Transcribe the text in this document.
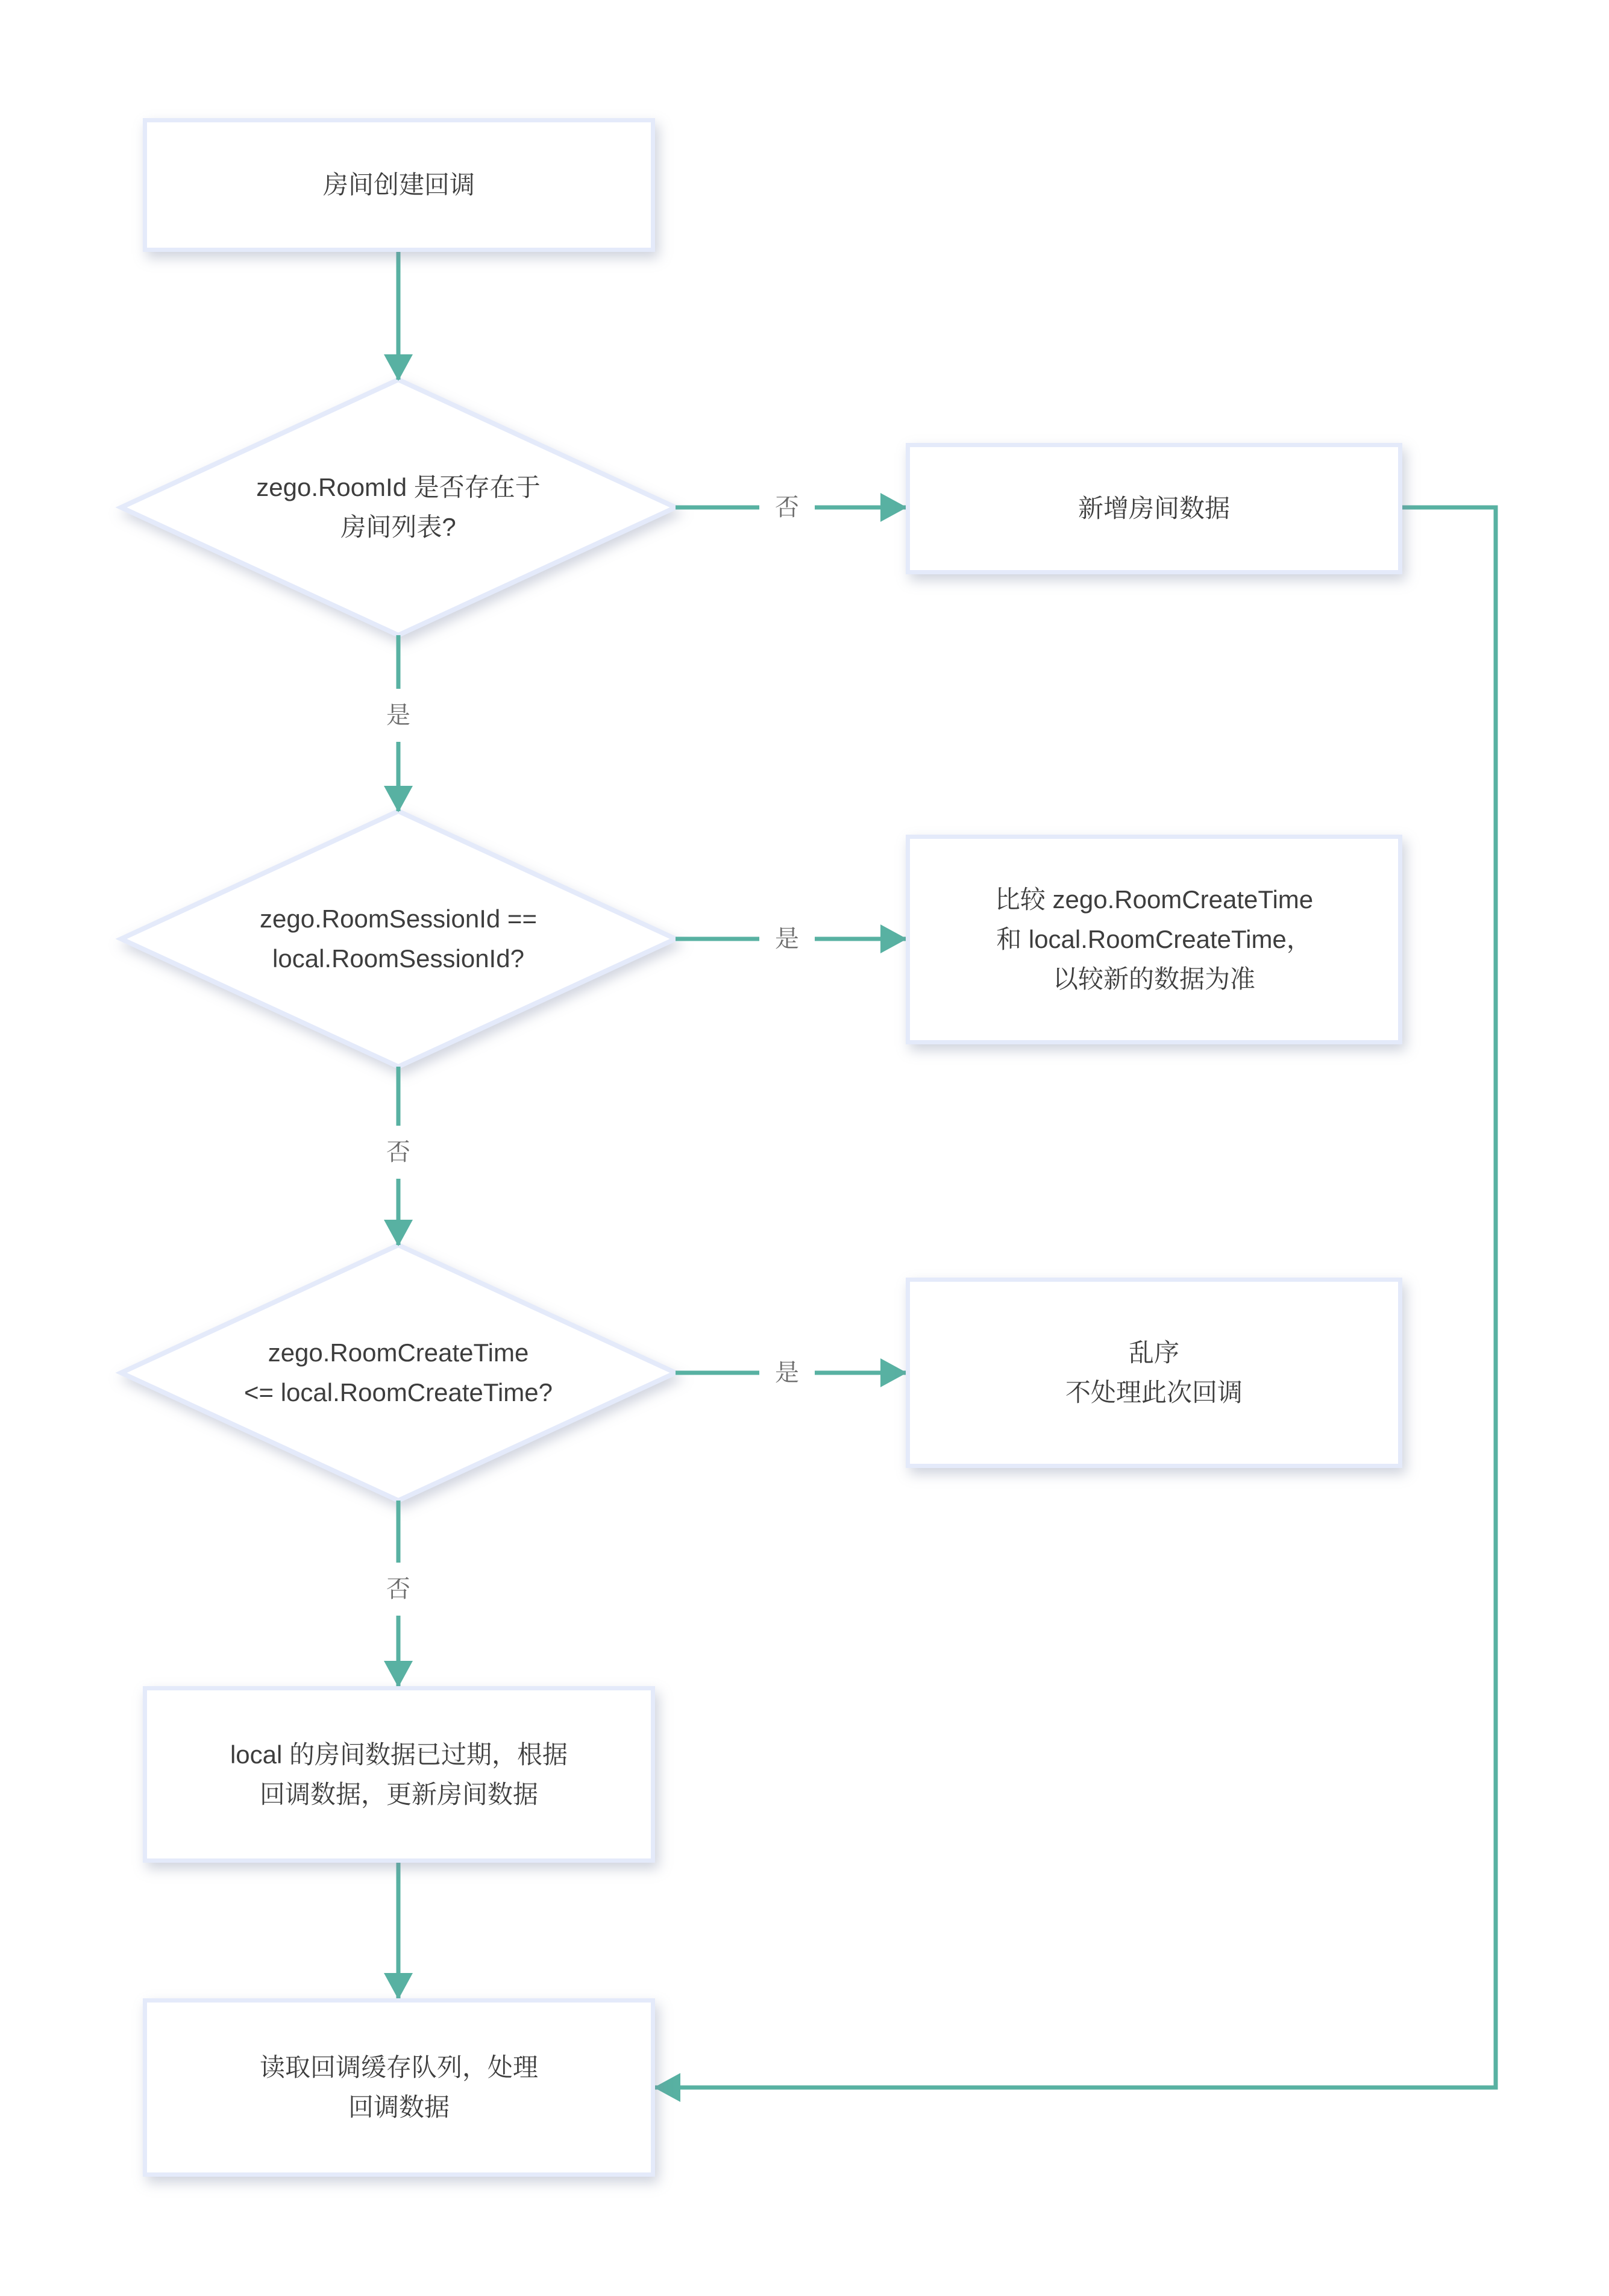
房间创建回调
新增房间数据
比较 zego.RoomCreateTime
和 local.RoomCreateTime，
以较新的数据为准
乱序
不处理此次回调
local 的房间数据已过期，根据
回调数据，更新房间数据
读取回调缓存队列，处理
回调数据
zego.RoomId 是否存在于
房间列表?
zego.RoomSessionId ==
local.RoomSessionId?
zego.RoomCreateTime
<= local.RoomCreateTime?
否
是
是
否
是
否
